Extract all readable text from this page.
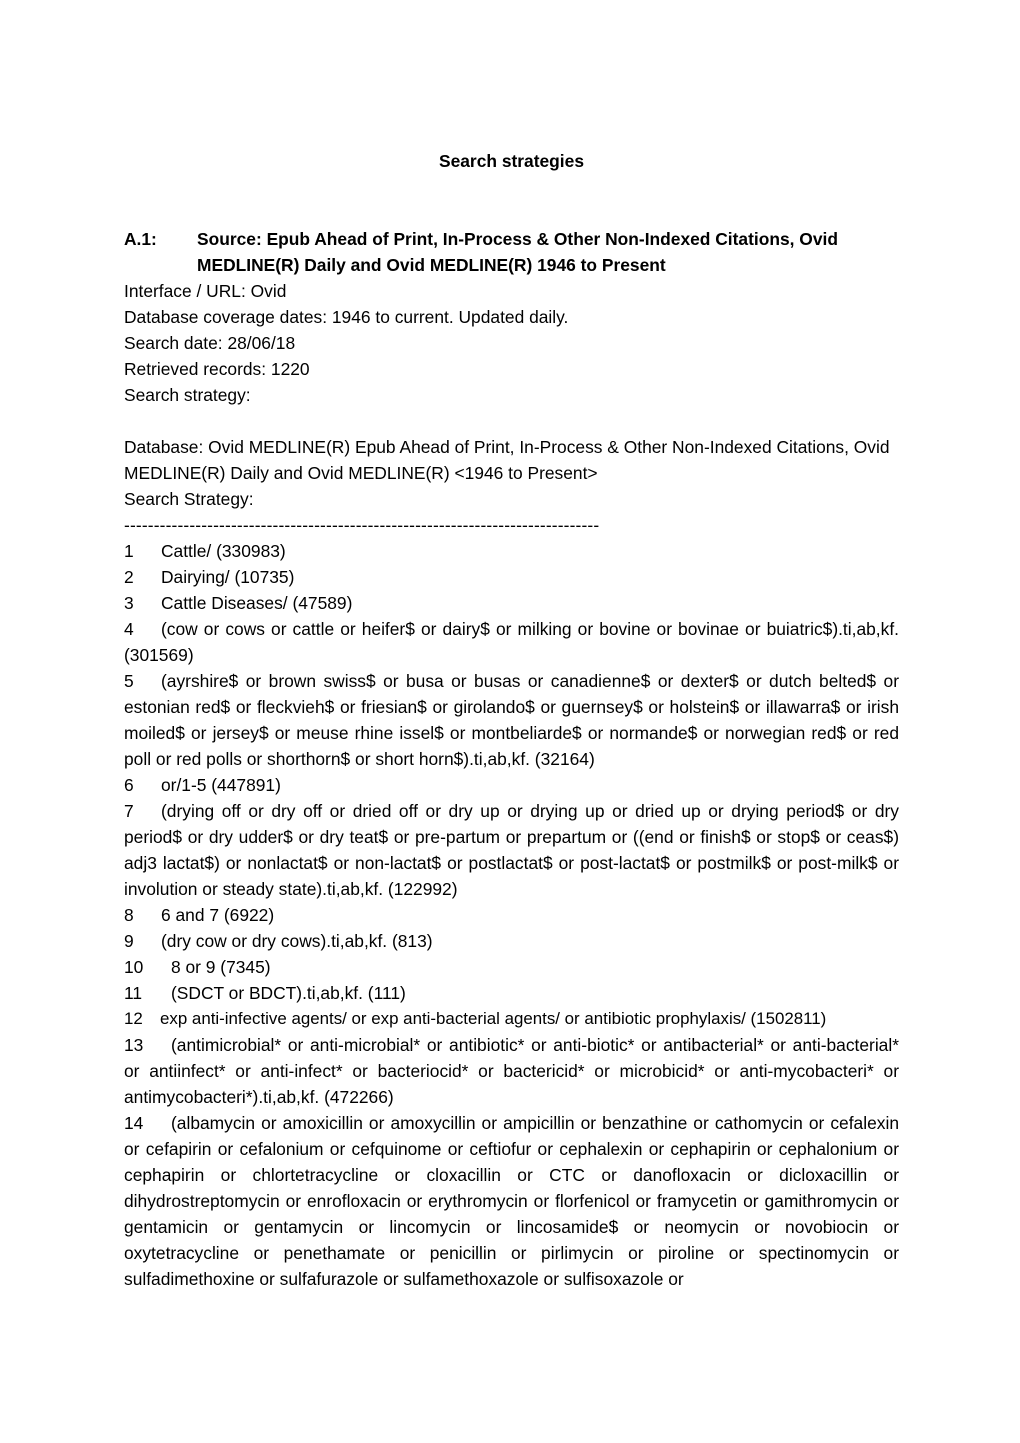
Search strategies
A.1:	Source: Epub Ahead of Print, In-Process & Other Non-Indexed Citations, Ovid MEDLINE(R) Daily and Ovid MEDLINE(R) 1946 to Present
Interface / URL: Ovid
Database coverage dates: 1946 to current. Updated daily.
Search date: 28/06/18
Retrieved records: 1220
Search strategy:
Database: Ovid MEDLINE(R) Epub Ahead of Print, In-Process & Other Non-Indexed Citations, Ovid MEDLINE(R) Daily and Ovid MEDLINE(R) <1946 to Present>
Search Strategy:
--------------------------------------------------------------------------------
1 Cattle/ (330983)
2 Dairying/ (10735)
3 Cattle Diseases/ (47589)
4 (cow or cows or cattle or heifer$ or dairy$ or milking or bovine or bovinae or buiatric$).ti,ab,kf. (301569)
5 (ayrshire$ or brown swiss$ or busa or busas or canadienne$ or dexter$ or dutch belted$ or estonian red$ or fleckvieh$ or friesian$ or girolando$ or guernsey$ or holstein$ or illawarra$ or irish moiled$ or jersey$ or meuse rhine issel$ or montbeliarde$ or normande$ or norwegian red$ or red poll or red polls or shorthorn$ or short horn$).ti,ab,kf. (32164)
6 or/1-5 (447891)
7 (drying off or dry off or dried off or dry up or drying up or dried up or drying period$ or dry period$ or dry udder$ or dry teat$ or pre-partum or prepartum or ((end or finish$ or stop$ or ceas$) adj3 lactat$) or nonlactat$ or non-lactat$ or postlactat$ or post-lactat$ or postmilk$ or post-milk$ or involution or steady state).ti,ab,kf. (122992)
8 6 and 7 (6922)
9 (dry cow or dry cows).ti,ab,kf. (813)
10 8 or 9 (7345)
11 (SDCT or BDCT).ti,ab,kf. (111)
12 exp anti-infective agents/ or exp anti-bacterial agents/ or antibiotic prophylaxis/ (1502811)
13 (antimicrobial* or anti-microbial* or antibiotic* or anti-biotic* or antibacterial* or anti-bacterial* or antiinfect* or anti-infect* or bacteriocid* or bactericid* or microbicid* or anti-mycobacteri* or antimycobacteri*).ti,ab,kf. (472266)
14 (albamycin or amoxicillin or amoxycillin or ampicillin or benzathine or cathomycin or cefalexin or cefapirin or cefalonium or cefquinome or ceftiofur or cephalexin or cephapirin or cephalonium or cephapirin or chlortetracycline or cloxacillin or CTC or danofloxacin or dicloxacillin or dihydrostreptomycin or enrofloxacin or erythromycin or florfenicol or framycetin or gamithromycin or gentamicin or gentamycin or lincomycin or lincosamide$ or neomycin or novobiocin or oxytetracycline or penethamate or penicillin or pirlimycin or piroline or spectinomycin or sulfadimethoxine or sulfafurazole or sulfamethoxazole or sulfisoxazole or
